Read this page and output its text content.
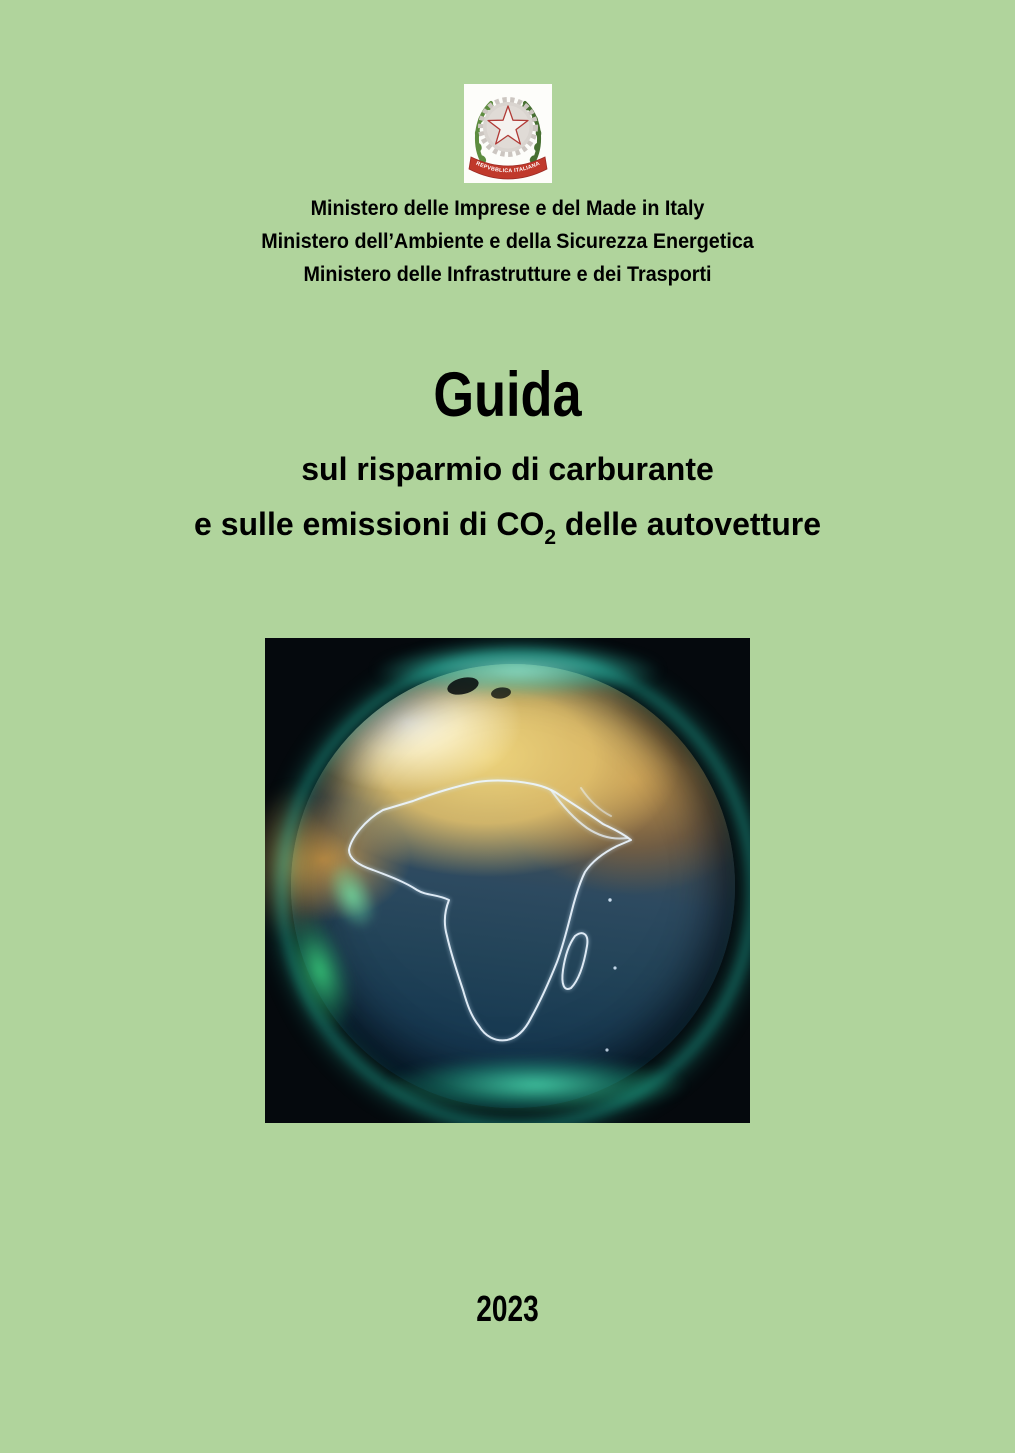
REPVBBLICA ITALIANA
Ministero delle Imprese e del Made in Italy
Ministero dell’Ambiente e della Sicurezza Energetica
Ministero delle Infrastrutture e dei Trasporti
Guida
sul risparmio di carburante
e sulle emissioni di $CO_2$ delle autovetture
2023
